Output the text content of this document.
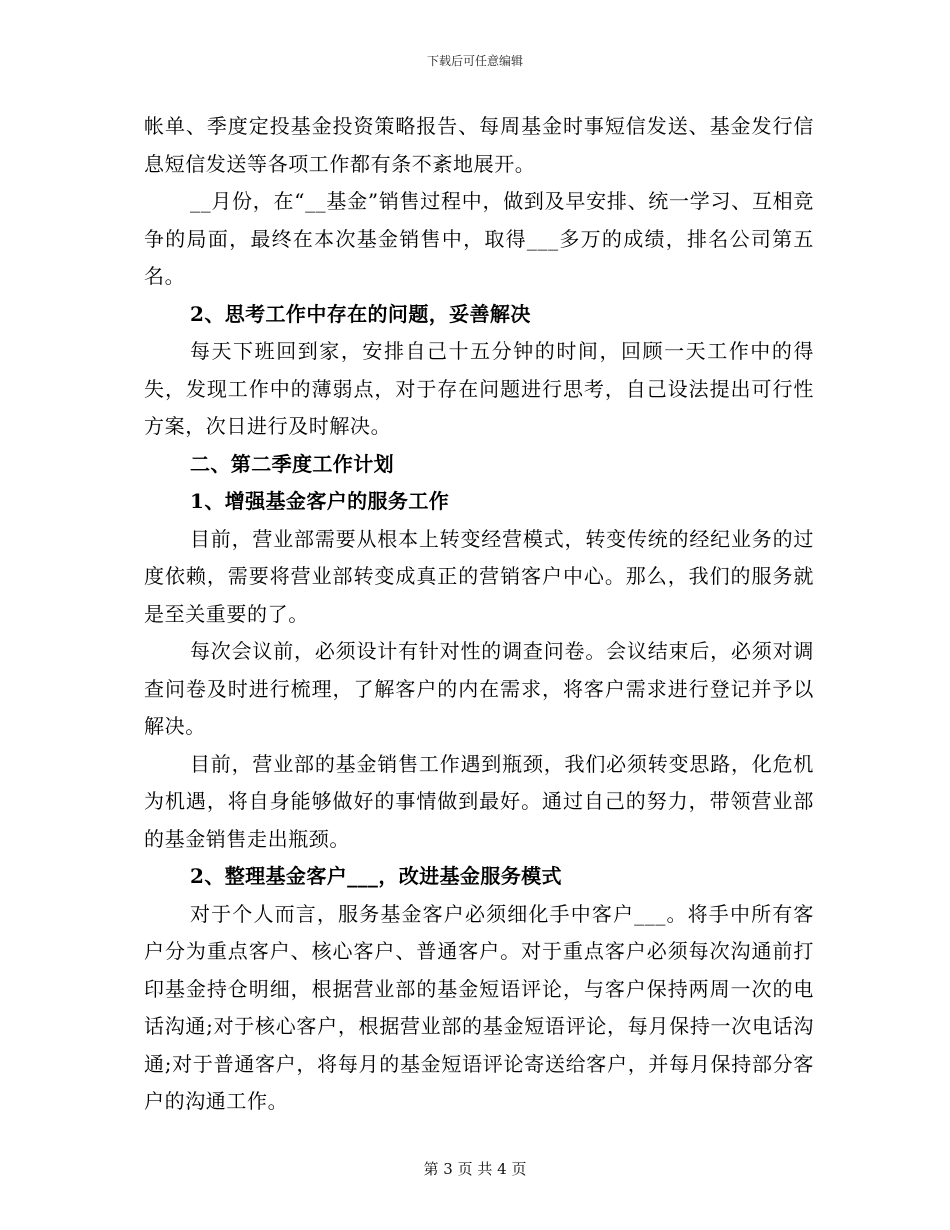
下载后可任意编辑

帐单、季度定投基金投资策略报告、每周基金时事短信发送、基金发行信息短信发送等各项工作都有条不紊地展开。

__月份，在“__基金”销售过程中，做到及早安排、统一学习、互相竞争的局面，最终在本次基金销售中，取得___多万的成绩，排名公司第五名。

2、思考工作中存在的问题，妥善解决

每天下班回到家，安排自己十五分钟的时间，回顾一天工作中的得失，发现工作中的薄弱点，对于存在问题进行思考，自己设法提出可行性方案，次日进行及时解决。

二、第二季度工作计划

1、增强基金客户的服务工作

目前，营业部需要从根本上转变经营模式，转变传统的经纪业务的过度依赖，需要将营业部转变成真正的营销客户中心。那么，我们的服务就是至关重要的了。

每次会议前，必须设计有针对性的调查问卷。会议结束后，必须对调查问卷及时进行梳理，了解客户的内在需求，将客户需求进行登记并予以解决。

目前，营业部的基金销售工作遇到瓶颈，我们必须转变思路，化危机为机遇，将自身能够做好的事情做到最好。通过自己的努力，带领营业部的基金销售走出瓶颈。

2、整理基金客户___，改进基金服务模式

对于个人而言，服务基金客户必须细化手中客户___。将手中所有客户分为重点客户、核心客户、普通客户。对于重点客户必须每次沟通前打印基金持仓明细，根据营业部的基金短语评论，与客户保持两周一次的电话沟通;对于核心客户，根据营业部的基金短语评论，每月保持一次电话沟通;对于普通客户，将每月的基金短语评论寄送给客户，并每月保持部分客户的沟通工作。

第 3 页 共 4 页
